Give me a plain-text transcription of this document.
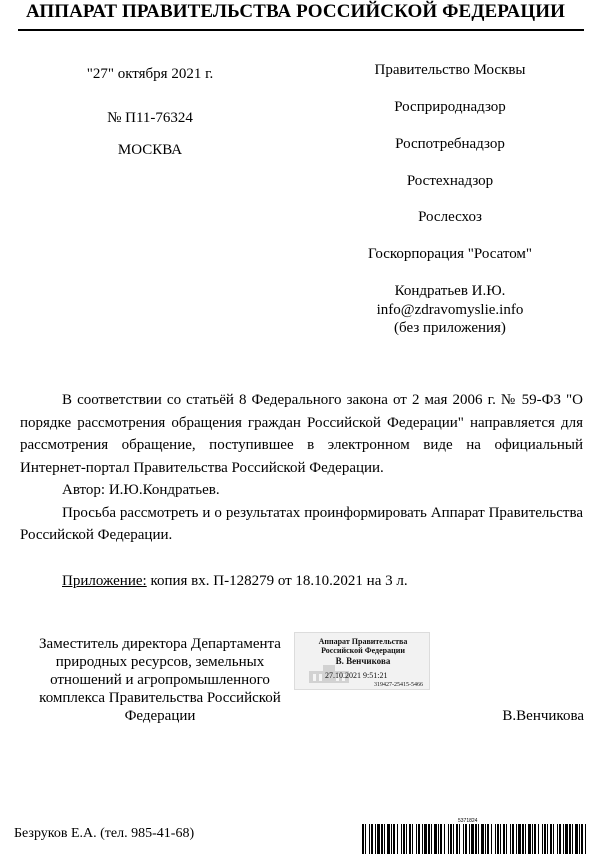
АППАРАТ ПРАВИТЕЛЬСТВА РОССИЙСКОЙ ФЕДЕРАЦИИ
"27" октября 2021 г.
№ П11-76324
МОСКВА
Правительство Москвы
Росприроднадзор
Роспотребнадзор
Ростехнадзор
Рослесхоз
Госкорпорация "Росатом"
Кондратьев И.Ю.
info@zdravomyslie.info
(без приложения)

В соответствии со статьёй 8 Федерального закона от 2 мая 2006 г. № 59-ФЗ "О порядке рассмотрения обращения граждан Российской Федерации" направляется для рассмотрения обращение, поступившее в электронном виде на официальный Интернет-портал Правительства Российской Федерации.

Автор: И.Ю.Кондратьев.

Просьба рассмотреть и о результатах проинформировать Аппарат Правительства Российской Федерации.

Приложение: копия вх. П-128279 от 18.10.2021 на 3 л.
Заместитель директора Департамента природных ресурсов, земельных отношений и агропромышленного комплекса Правительства Российской Федерации
Аппарат Правительства
Российской Федерации
В. Венчикова
27.10.2021 9:51:21
319427-25415-5466
В.Венчикова
Безруков Е.А. (тел. 985-41-68)
5371824
